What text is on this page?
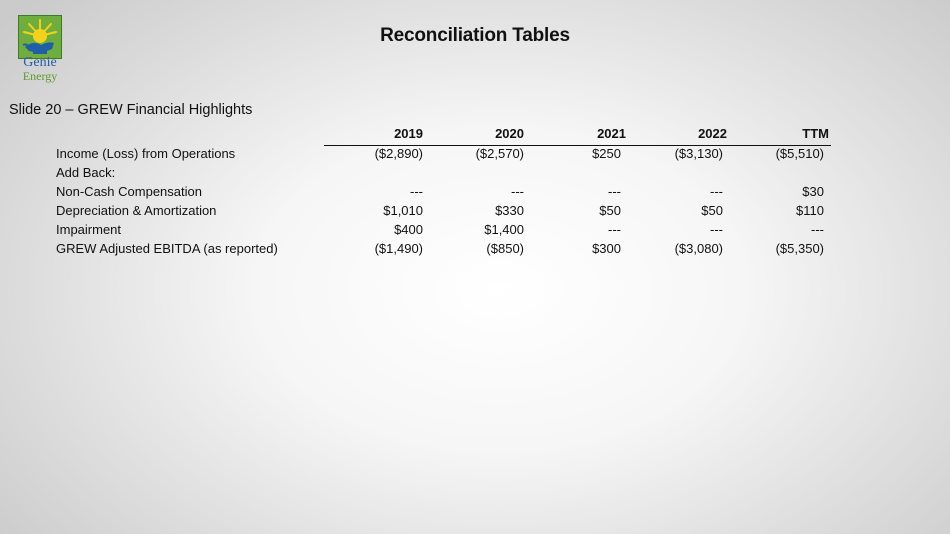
Genie
Energy
Reconciliation Tables
Slide 20 – GREW Financial Highlights
2019	2020	2021	2022	TTM
Income (Loss) from Operations	($2,890)	($2,570)	$250	($3,130)	($5,510)
Add Back:
Non-Cash Compensation	---	---	---	---	$30
Depreciation & Amortization	$1,010	$330	$50	$50	$110
Impairment	$400	$1,400	---	---	---
GREW Adjusted EBITDA (as reported)	($1,490)	($850)	$300	($3,080)	($5,350)
